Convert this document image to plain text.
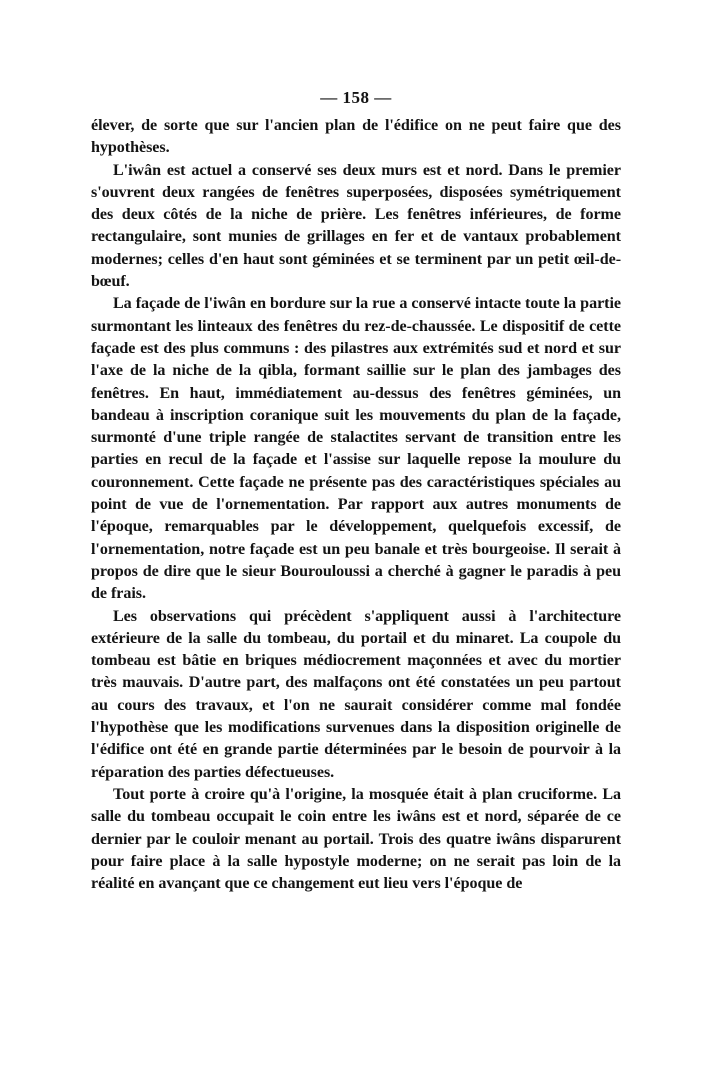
— 158 —

élever, de sorte que sur l'ancien plan de l'édifice on ne peut faire que des hypothèses.

L'iwân est actuel a conservé ses deux murs est et nord. Dans le premier s'ouvrent deux rangées de fenêtres superposées, disposées symétriquement des deux côtés de la niche de prière. Les fenêtres inférieures, de forme rectangulaire, sont munies de grillages en fer et de vantaux probablement modernes; celles d'en haut sont géminées et se terminent par un petit œil-de-bœuf.

La façade de l'iwân en bordure sur la rue a conservé intacte toute la partie surmontant les linteaux des fenêtres du rez-de-chaussée. Le dispositif de cette façade est des plus communs : des pilastres aux extrémités sud et nord et sur l'axe de la niche de la qibla, formant saillie sur le plan des jambages des fenêtres. En haut, immédiatement au-dessus des fenêtres géminées, un bandeau à inscription coranique suit les mouvements du plan de la façade, surmonté d'une triple rangée de stalactites servant de transition entre les parties en recul de la façade et l'assise sur laquelle repose la moulure du couronnement. Cette façade ne présente pas des caractéristiques spéciales au point de vue de l'ornementation. Par rapport aux autres monuments de l'époque, remarquables par le développement, quelquefois excessif, de l'ornementation, notre façade est un peu banale et très bourgeoise. Il serait à propos de dire que le sieur Bourouloussi a cherché à gagner le paradis à peu de frais.

Les observations qui précèdent s'appliquent aussi à l'architecture extérieure de la salle du tombeau, du portail et du minaret. La coupole du tombeau est bâtie en briques médiocrement maçonnées et avec du mortier très mauvais. D'autre part, des malfaçons ont été constatées un peu partout au cours des travaux, et l'on ne saurait considérer comme mal fondée l'hypothèse que les modifications survenues dans la disposition originelle de l'édifice ont été en grande partie déterminées par le besoin de pourvoir à la réparation des parties défectueuses.

Tout porte à croire qu'à l'origine, la mosquée était à plan cruciforme. La salle du tombeau occupait le coin entre les iwâns est et nord, séparée de ce dernier par le couloir menant au portail. Trois des quatre iwâns disparurent pour faire place à la salle hypostyle moderne; on ne serait pas loin de la réalité en avançant que ce changement eut lieu vers l'époque de
